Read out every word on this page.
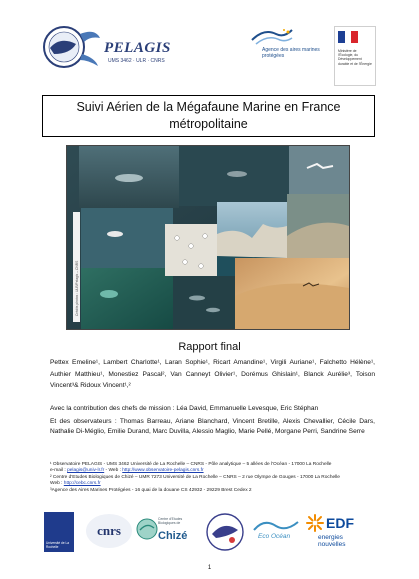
PELAGIS
UMS 3462 · ULR · CNRS
Agence des aires marines protégées
Ministère de l'Écologie, du Développement durable et de l'Énergie
Suivi Aérien de la Mégafaune Marine en France
métropolitaine
Crédits photos : ULR/Pelagis – CNRS
Rapport final
Pettex Emeline¹, Lambert Charlotte¹, Laran Sophie¹, Ricart Amandine¹, Virgili Auriane¹, Falchetto Hélène¹, Authier Matthieu¹, Monestiez Pascal², Van Canneyt Olivier¹, Dorémus Ghislain¹, Blanck Aurélie³, Toison Vincent³& Ridoux Vincent¹,²
Avec la contribution des chefs de mission : Léa David, Emmanuelle Levesque, Eric Stéphan
Et des observateurs : Thomas Barreau, Ariane Blanchard, Vincent Bretille, Alexis Chevallier, Cécile Dars, Nathalie Di-Méglio, Emilie Durand, Marc Duvilla, Alessio Maglio, Marie Pellé, Morgane Perri, Sandrine Serre
¹ Observatoire PELAGIS - UMS 3462 Université de La Rochelle – CNRS - Pôle analytique – 5 allées de l'Océan - 17000 La Rochelle
e-mail : pelagis@univ-lr.fr - Web : http://www.observatoire-pelagis.cnrs.fr
² Centre d'Etudes Biologiques de Chizé – UMR 7273 Université de La Rochelle – CNRS – 2 rue Olympe de Gouges - 17000 La Rochelle
Web : http://cebc.cnrs.fr
³Agence des Aires Marines Protégées - 16 quai de la douane CS 42932 - 29229 Brest Cedex 2
Université de La Rochelle
cnrs
Centre d'Etudes Biologiques de
Chizé	Eco Océan
EDF
energies nouvelles
1
